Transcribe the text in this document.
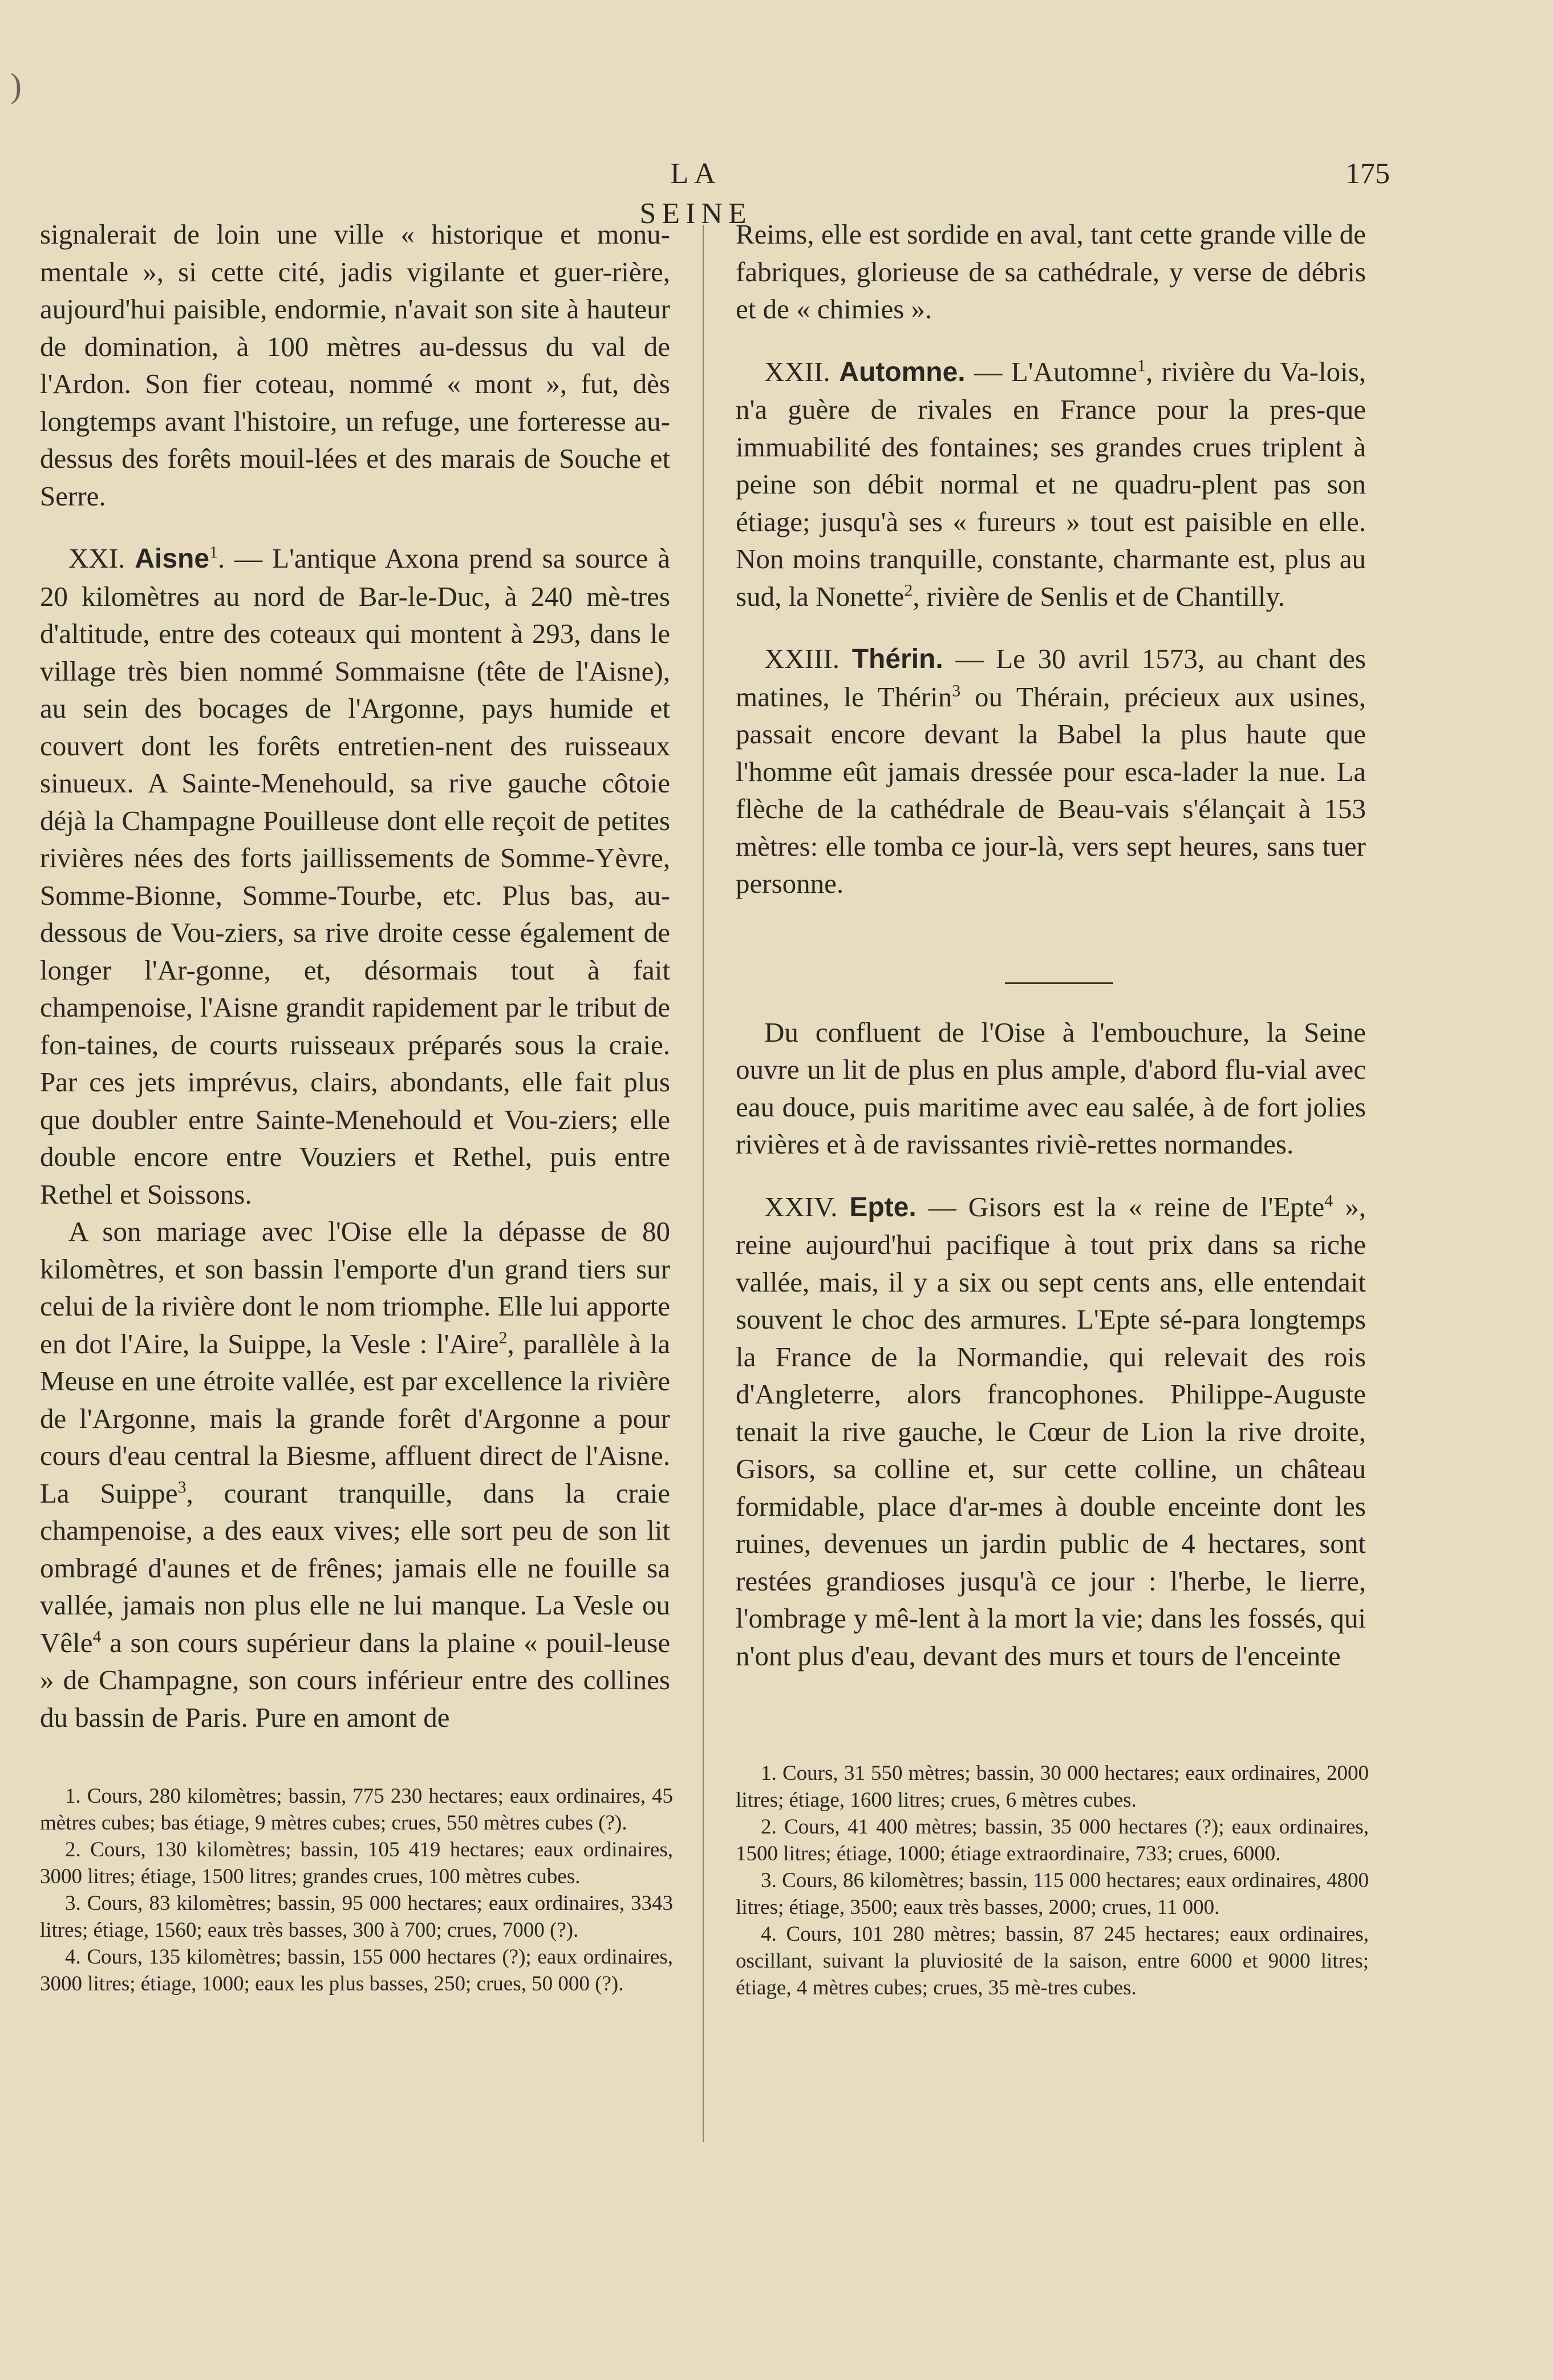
)
LA SEINE
175

signalerait de loin une ville « historique et monu-mentale », si cette cité, jadis vigilante et guer-rière, aujourd'hui paisible, endormie, n'avait son site à hauteur de domination, à 100 mètres au-dessus du val de l'Ardon. Son fier coteau, nommé « mont », fut, dès longtemps avant l'histoire, un refuge, une forteresse au-dessus des forêts mouil-lées et des marais de Souche et Serre.

XXI. Aisne$^1$. — L'antique Axona prend sa source à 20 kilomètres au nord de Bar-le-Duc, à 240 mè-tres d'altitude, entre des coteaux qui montent à 293, dans le village très bien nommé Sommaisne (tête de l'Aisne), au sein des bocages de l'Argonne, pays humide et couvert dont les forêts entretien-nent des ruisseaux sinueux. A Sainte-Menehould, sa rive gauche côtoie déjà la Champagne Pouilleuse dont elle reçoit de petites rivières nées des forts jaillissements de Somme-Yèvre, Somme-Bionne, Somme-Tourbe, etc. Plus bas, au-dessous de Vou-ziers, sa rive droite cesse également de longer l'Ar-gonne, et, désormais tout à fait champenoise, l'Aisne grandit rapidement par le tribut de fon-taines, de courts ruisseaux préparés sous la craie. Par ces jets imprévus, clairs, abondants, elle fait plus que doubler entre Sainte-Menehould et Vou-ziers; elle double encore entre Vouziers et Rethel, puis entre Rethel et Soissons.

A son mariage avec l'Oise elle la dépasse de 80 kilomètres, et son bassin l'emporte d'un grand tiers sur celui de la rivière dont le nom triomphe. Elle lui apporte en dot l'Aire, la Suippe, la Vesle : l'Aire$^2$, parallèle à la Meuse en une étroite vallée, est par excellence la rivière de l'Argonne, mais la grande forêt d'Argonne a pour cours d'eau central la Biesme, affluent direct de l'Aisne. La Suippe$^3$, courant tranquille, dans la craie champenoise, a des eaux vives; elle sort peu de son lit ombragé d'aunes et de frênes; jamais elle ne fouille sa vallée, jamais non plus elle ne lui manque. La Vesle ou Vêle$^4$ a son cours supérieur dans la plaine « pouil-leuse » de Champagne, son cours inférieur entre des collines du bassin de Paris. Pure en amont de

Reims, elle est sordide en aval, tant cette grande ville de fabriques, glorieuse de sa cathédrale, y verse de débris et de « chimies ».

XXII. Automne. — L'Automne$^1$, rivière du Va-lois, n'a guère de rivales en France pour la pres-que immuabilité des fontaines; ses grandes crues triplent à peine son débit normal et ne quadru-plent pas son étiage; jusqu'à ses « fureurs » tout est paisible en elle. Non moins tranquille, constante, charmante est, plus au sud, la Nonette$^2$, rivière de Senlis et de Chantilly.

XXIII. Thérin. — Le 30 avril 1573, au chant des matines, le Thérin$^3$ ou Thérain, précieux aux usines, passait encore devant la Babel la plus haute que l'homme eût jamais dressée pour esca-lader la nue. La flèche de la cathédrale de Beau-vais s'élançait à 153 mètres: elle tomba ce jour-là, vers sept heures, sans tuer personne.

Du confluent de l'Oise à l'embouchure, la Seine ouvre un lit de plus en plus ample, d'abord flu-vial avec eau douce, puis maritime avec eau salée, à de fort jolies rivières et à de ravissantes riviè-rettes normandes.

XXIV. Epte. — Gisors est la « reine de l'Epte$^4$ », reine aujourd'hui pacifique à tout prix dans sa riche vallée, mais, il y a six ou sept cents ans, elle entendait souvent le choc des armures. L'Epte sé-para longtemps la France de la Normandie, qui relevait des rois d'Angleterre, alors francophones. Philippe-Auguste tenait la rive gauche, le Cœur de Lion la rive droite, Gisors, sa colline et, sur cette colline, un château formidable, place d'ar-mes à double enceinte dont les ruines, devenues un jardin public de 4 hectares, sont restées grandioses jusqu'à ce jour : l'herbe, le lierre, l'ombrage y mê-lent à la mort la vie; dans les fossés, qui n'ont plus d'eau, devant des murs et tours de l'enceinte

1. Cours, 280 kilomètres; bassin, 775 230 hectares; eaux ordinaires, 45 mètres cubes; bas étiage, 9 mètres cubes; crues, 550 mètres cubes (?).

2. Cours, 130 kilomètres; bassin, 105 419 hectares; eaux ordinaires, 3000 litres; étiage, 1500 litres; grandes crues, 100 mètres cubes.

3. Cours, 83 kilomètres; bassin, 95 000 hectares; eaux ordinaires, 3343 litres; étiage, 1560; eaux très basses, 300 à 700; crues, 7000 (?).

4. Cours, 135 kilomètres; bassin, 155 000 hectares (?); eaux ordinaires, 3000 litres; étiage, 1000; eaux les plus basses, 250; crues, 50 000 (?).

1. Cours, 31 550 mètres; bassin, 30 000 hectares; eaux ordinaires, 2000 litres; étiage, 1600 litres; crues, 6 mètres cubes.

2. Cours, 41 400 mètres; bassin, 35 000 hectares (?); eaux ordinaires, 1500 litres; étiage, 1000; étiage extraordinaire, 733; crues, 6000.

3. Cours, 86 kilomètres; bassin, 115 000 hectares; eaux ordinaires, 4800 litres; étiage, 3500; eaux très basses, 2000; crues, 11 000.

4. Cours, 101 280 mètres; bassin, 87 245 hectares; eaux ordinaires, oscillant, suivant la pluviosité de la saison, entre 6000 et 9000 litres; étiage, 4 mètres cubes; crues, 35 mè-tres cubes.
